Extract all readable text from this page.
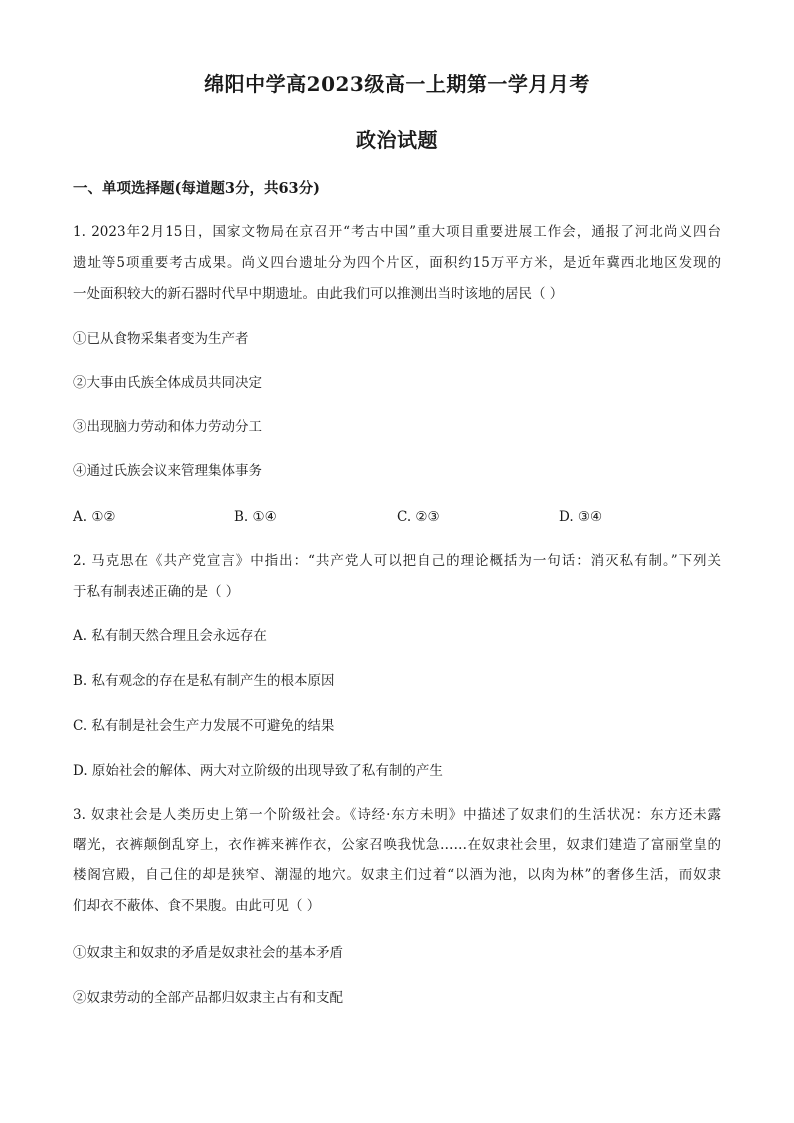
绵阳中学高2023级高一上期第一学月月考
政治试题
一、单项选择题(每道题3分，共63分)
1. 2023年2月15日，国家文物局在京召开“考古中国”重大项目重要进展工作会，通报了河北尚义四台
遗址等5项重要考古成果。尚义四台遗址分为四个片区，面积约15万平方米，是近年冀西北地区发现的
一处面积较大的新石器时代早中期遗址。由此我们可以推测出当时该地的居民（ ）
①已从食物采集者变为生产者
②大事由氏族全体成员共同决定
③出现脑力劳动和体力劳动分工
④通过氏族会议来管理集体事务
A. ①②	B. ①④	C. ②③	D. ③④
2. 马克思在《共产党宣言》中指出：“共产党人可以把自己的理论概括为一句话：消灭私有制。”下列关
于私有制表述正确的是（ ）
A. 私有制天然合理且会永远存在
B. 私有观念的存在是私有制产生的根本原因
C. 私有制是社会生产力发展不可避免的结果
D. 原始社会的解体、两大对立阶级的出现导致了私有制的产生
3. 奴隶社会是人类历史上第一个阶级社会。《诗经·东方未明》中描述了奴隶们的生活状况：东方还未露
曙光，衣裤颠倒乱穿上，衣作裤来裤作衣，公家召唤我忧急……在奴隶社会里，奴隶们建造了富丽堂皇的
楼阁宫殿，自己住的却是狭窄、潮湿的地穴。奴隶主们过着“以酒为池，以肉为林”的奢侈生活，而奴隶
们却衣不蔽体、食不果腹。由此可见（ ）
①奴隶主和奴隶的矛盾是奴隶社会的基本矛盾
②奴隶劳动的全部产品都归奴隶主占有和支配
